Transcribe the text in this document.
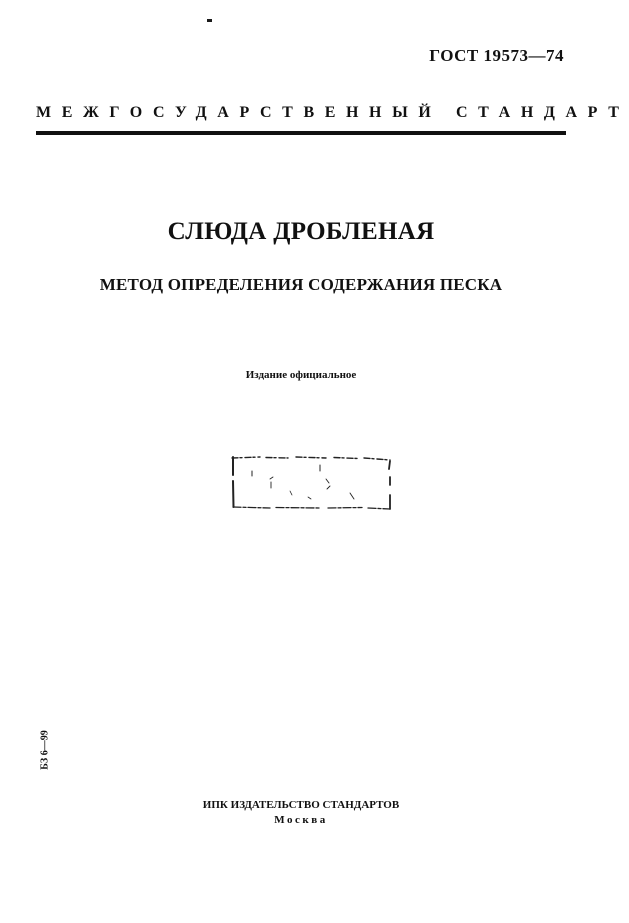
ГОСТ 19573—74
МЕЖГОСУДАРСТВЕННЫЙ СТАНДАРТ
СЛЮДА ДРОБЛЕНАЯ
МЕТОД ОПРЕДЕЛЕНИЯ СОДЕРЖАНИЯ ПЕСКА
Издание официальное
БЗ 6—99
ИПК ИЗДАТЕЛЬСТВО СТАНДАРТОВ
Москва
